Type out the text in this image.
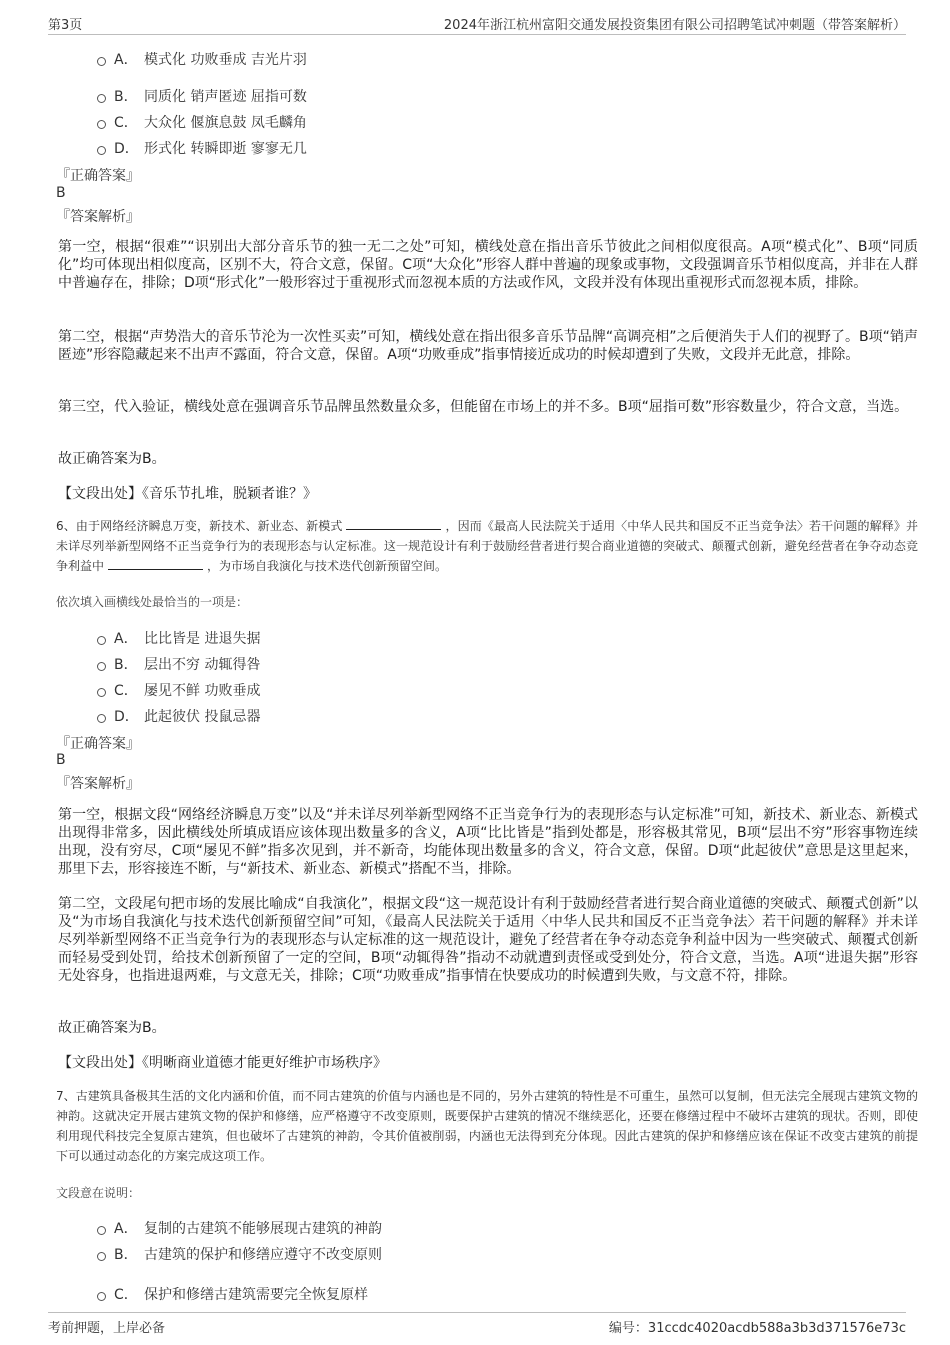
第3页	2024年浙江杭州富阳交通发展投资集团有限公司招聘笔试冲刺题（带答案解析）
A． 模式化 功败垂成 吉光片羽
B． 同质化 销声匿迹 屈指可数
C． 大众化 偃旗息鼓 凤毛麟角
D． 形式化 转瞬即逝 寥寥无几
『正确答案』
B
『答案解析』

第一空，根据“很难”“识别出大部分音乐节的独一无二之处”可知，横线处意在指出音乐节彼此之间相似度很高。A项“模式化”、B项“同质化”均可体现出相似度高，区别不大，符合文意，保留。C项“大众化”形容人群中普遍的现象或事物，文段强调音乐节相似度高，并非在人群中普遍存在，排除；D项“形式化”一般形容过于重视形式而忽视本质的方法或作风，文段并没有体现出重视形式而忽视本质，排除。

第二空，根据“声势浩大的音乐节沦为一次性买卖”可知，横线处意在指出很多音乐节品牌“高调亮相”之后便消失于人们的视野了。B项“销声匿迹”形容隐藏起来不出声不露面，符合文意，保留。A项“功败垂成”指事情接近成功的时候却遭到了失败，文段并无此意，排除。

第三空，代入验证，横线处意在强调音乐节品牌虽然数量众多，但能留在市场上的并不多。B项“屈指可数”形容数量少，符合文意，当选。

故正确答案为B。

【文段出处】《音乐节扎堆，脱颖者谁？》

6、由于网络经济瞬息万变，新技术、新业态、新模式	，因而《最高人民法院关于适用〈中华人民共和国反不正当竞争法〉若干问题的解释》并未详尽列举新型网络不正当竞争行为的表现形态与认定标准。这一规范设计有利于鼓励经营者进行契合商业道德的突破式、颠覆式创新，避免经营者在争夺动态竞争利益中	，为市场自我演化与技术迭代创新预留空间。

依次填入画横线处最恰当的一项是：
A． 比比皆是 进退失据
B． 层出不穷 动辄得咎
C． 屡见不鲜 功败垂成
D． 此起彼伏 投鼠忌器
『正确答案』
B
『答案解析』

第一空，根据文段“网络经济瞬息万变”以及“并未详尽列举新型网络不正当竞争行为的表现形态与认定标准”可知，新技术、新业态、新模式出现得非常多，因此横线处所填成语应该体现出数量多的含义，A项“比比皆是”指到处都是，形容极其常见，B项“层出不穷”形容事物连续出现，没有穷尽，C项“屡见不鲜”指多次见到，并不新奇，均能体现出数量多的含义，符合文意，保留。D项“此起彼伏”意思是这里起来，那里下去，形容接连不断，与“新技术、新业态、新模式”搭配不当，排除。

第二空，文段尾句把市场的发展比喻成“自我演化”，根据文段“这一规范设计有利于鼓励经营者进行契合商业道德的突破式、颠覆式创新”以及“为市场自我演化与技术迭代创新预留空间”可知，《最高人民法院关于适用〈中华人民共和国反不正当竞争法〉若干问题的解释》并未详尽列举新型网络不正当竞争行为的表现形态与认定标准的这一规范设计，避免了经营者在争夺动态竞争利益中因为一些突破式、颠覆式创新而轻易受到处罚，给技术创新预留了一定的空间，B项“动辄得咎”指动不动就遭到责怪或受到处分，符合文意，当选。A项“进退失据”形容无处容身，也指进退两难，与文意无关，排除；C项“功败垂成”指事情在快要成功的时候遭到失败，与文意不符，排除。

故正确答案为B。

【文段出处】《明晰商业道德才能更好维护市场秩序》

7、古建筑具备极其生活的文化内涵和价值，而不同古建筑的价值与内涵也是不同的，另外古建筑的特性是不可重生，虽然可以复制，但无法完全展现古建筑文物的神韵。这就决定开展古建筑文物的保护和修缮，应严格遵守不改变原则，既要保护古建筑的情况不继续恶化，还要在修缮过程中不破坏古建筑的现状。否则，即使利用现代科技完全复原古建筑，但也破坏了古建筑的神韵，令其价值被削弱，内涵也无法得到充分体现。因此古建筑的保护和修缮应该在保证不改变古建筑的前提下可以通过动态化的方案完成这项工作。

文段意在说明：
A． 复制的古建筑不能够展现古建筑的神韵
B． 古建筑的保护和修缮应遵守不改变原则
C． 保护和修缮古建筑需要完全恢复原样
考前押题，上岸必备	编号：31ccdc4020acdb588a3b3d371576e73c
